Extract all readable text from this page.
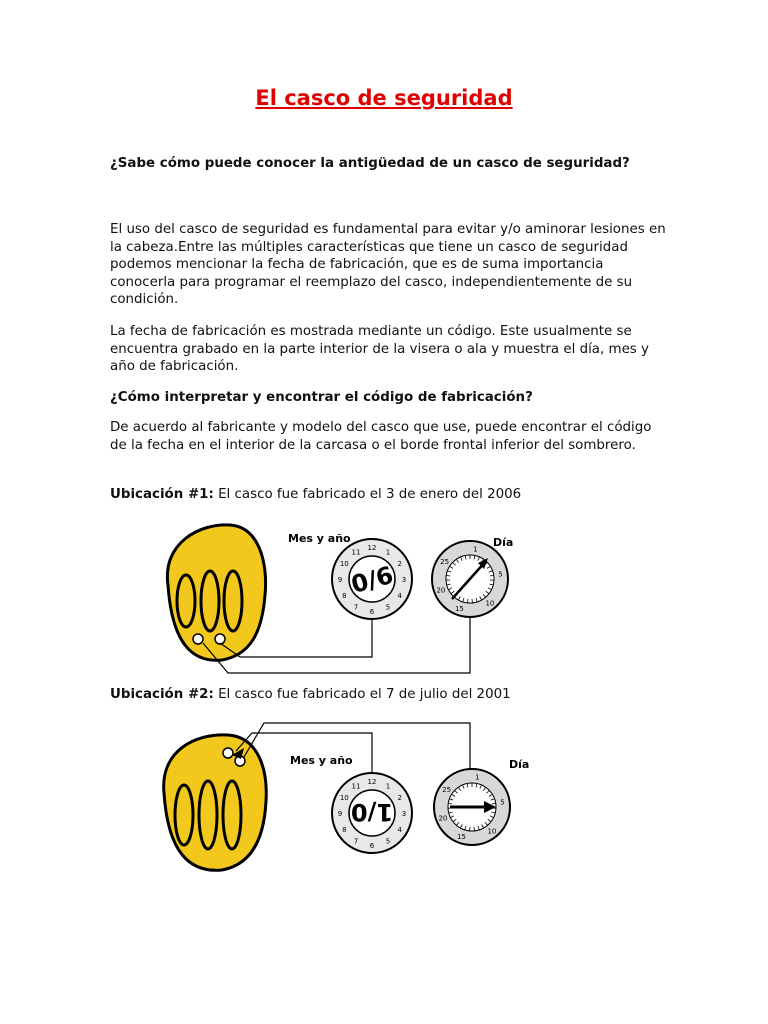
El casco de seguridad
¿Sabe cómo puede conocer la antigüedad de un casco de seguridad?
El uso del casco de seguridad es fundamental para evitar y/o aminorar lesiones en la cabeza.Entre las múltiples características que tiene un casco de seguridad podemos mencionar la fecha de fabricación, que es de suma importancia conocerla para programar el reemplazo del casco, independientemente de su condición.
La fecha de fabricación es mostrada mediante un código. Este usualmente se encuentra grabado en la parte interior de la visera o ala y muestra el día, mes y año de fabricación.
¿Cómo interpretar y encontrar el código de fabricación?
De acuerdo al fabricante y modelo del casco que use, puede encontrar el código de la fecha en el interior de la carcasa o el borde frontal inferior del sombrero.
Ubicación #1: El casco fue fabricado el 3 de enero del 2006
0/6
Mes y año	Día
12
1
2
3
4
5
6
7
8
9
10
11	1
5
10
15
20
25
Ubicación #2: El casco fue fabricado el 7 de julio del 2001
1/0
Mes y año	Día
12
1
2
3
4
5
6
7
8
9
10
11
1
5
10
15
20
25
